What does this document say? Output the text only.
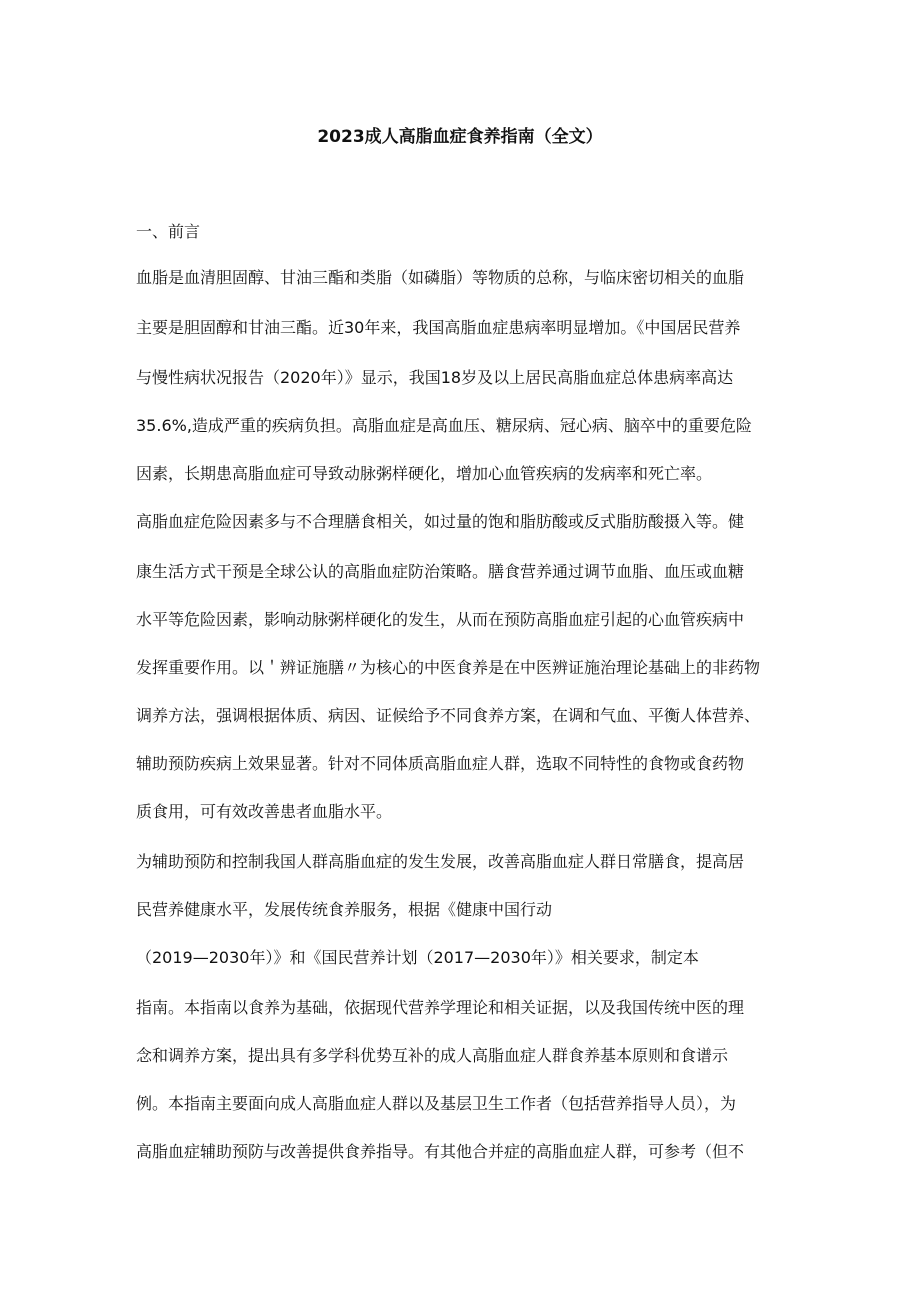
2023成人高脂血症食养指南（全文）
一、前言
血脂是血清胆固醇、甘油三酯和类脂（如磷脂）等物质的总称，与临床密切相关的血脂
主要是胆固醇和甘油三酯。近30年来，我国高脂血症患病率明显增加。《中国居民营养
与慢性病状况报告（2020年）》显示，我国18岁及以上居民高脂血症总体患病率高达
35.6%,造成严重的疾病负担。高脂血症是高血压、糖尿病、冠心病、脑卒中的重要危险
因素，长期患高脂血症可导致动脉粥样硬化，增加心血管疾病的发病率和死亡率。
高脂血症危险因素多与不合理膳食相关，如过量的饱和脂肪酸或反式脂肪酸摄入等。健
康生活方式干预是全球公认的高脂血症防治策略。膳食营养通过调节血脂、血压或血糖
水平等危险因素，影响动脉粥样硬化的发生，从而在预防高脂血症引起的心血管疾病中
发挥重要作用。以＇辨证施膳〃为核心的中医食养是在中医辨证施治理论基础上的非药物
调养方法，强调根据体质、病因、证候给予不同食养方案，在调和气血、平衡人体营养、
辅助预防疾病上效果显著。针对不同体质高脂血症人群，选取不同特性的食物或食药物
质食用，可有效改善患者血脂水平。
为辅助预防和控制我国人群高脂血症的发生发展，改善高脂血症人群日常膳食，提高居
民营养健康水平，发展传统食养服务，根据《健康中国行动
（2019—2030年）》和《国民营养计划（2017—2030年）》相关要求，制定本
指南。本指南以食养为基础，依据现代营养学理论和相关证据，以及我国传统中医的理
念和调养方案，提出具有多学科优势互补的成人高脂血症人群食养基本原则和食谱示
例。本指南主要面向成人高脂血症人群以及基层卫生工作者（包括营养指导人员），为
高脂血症辅助预防与改善提供食养指导。有其他合并症的高脂血症人群，可参考（但不
